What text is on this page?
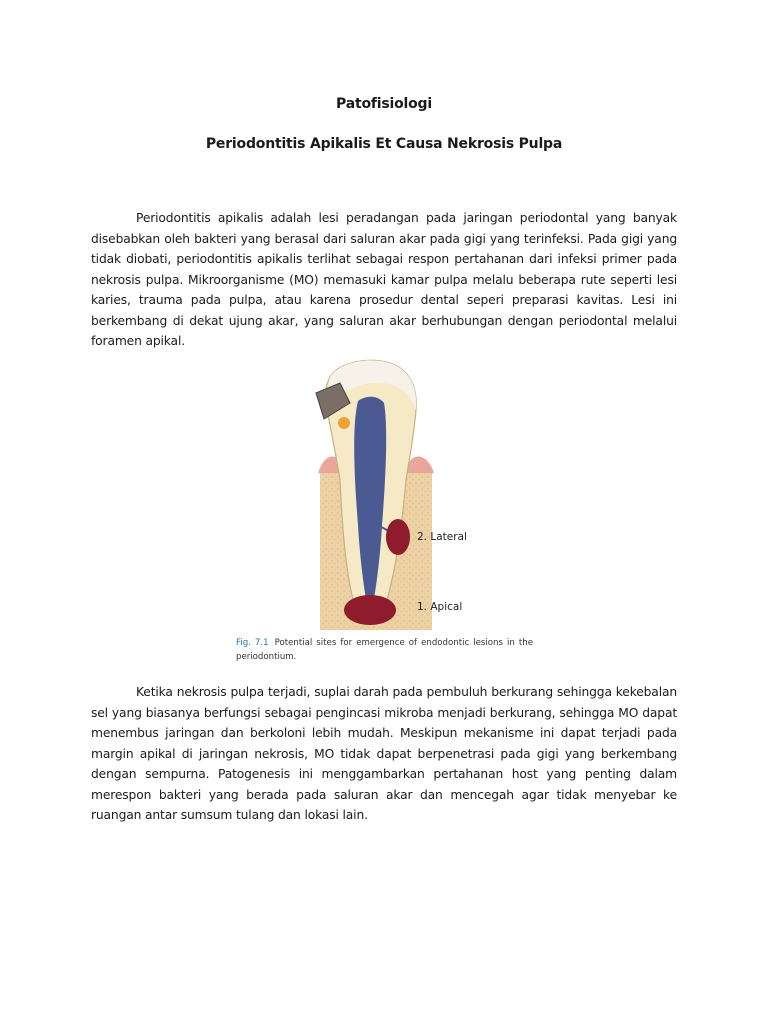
Patofisiologi
Periodontitis Apikalis Et Causa Nekrosis Pulpa

Periodontitis apikalis adalah lesi peradangan pada jaringan periodontal yang banyak disebabkan oleh bakteri yang berasal dari saluran akar pada gigi yang terinfeksi. Pada gigi yang tidak diobati, periodontitis apikalis terlihat sebagai respon pertahanan dari infeksi primer pada nekrosis pulpa. Mikroorganisme (MO) memasuki kamar pulpa melalu beberapa rute seperti lesi karies, trauma pada pulpa, atau karena prosedur dental seperi preparasi kavitas. Lesi ini berkembang di dekat ujung akar, yang saluran akar berhubungan dengan periodontal melalui foramen apikal.

2. Lateral
1. Apical

Fig. 7.1 Potential sites for emergence of endodontic lesions in the periodontium.

Ketika nekrosis pulpa terjadi, suplai darah pada pembuluh berkurang sehingga kekebalan sel yang biasanya berfungsi sebagai pengincasi mikroba menjadi berkurang, sehingga MO dapat menembus jaringan dan berkoloni lebih mudah. Meskipun mekanisme ini dapat terjadi pada margin apikal di jaringan nekrosis, MO tidak dapat berpenetrasi pada gigi yang berkembang dengan sempurna. Patogenesis ini menggambarkan pertahanan host yang penting dalam merespon bakteri yang berada pada saluran akar dan mencegah agar tidak menyebar ke ruangan antar sumsum tulang dan lokasi lain.
